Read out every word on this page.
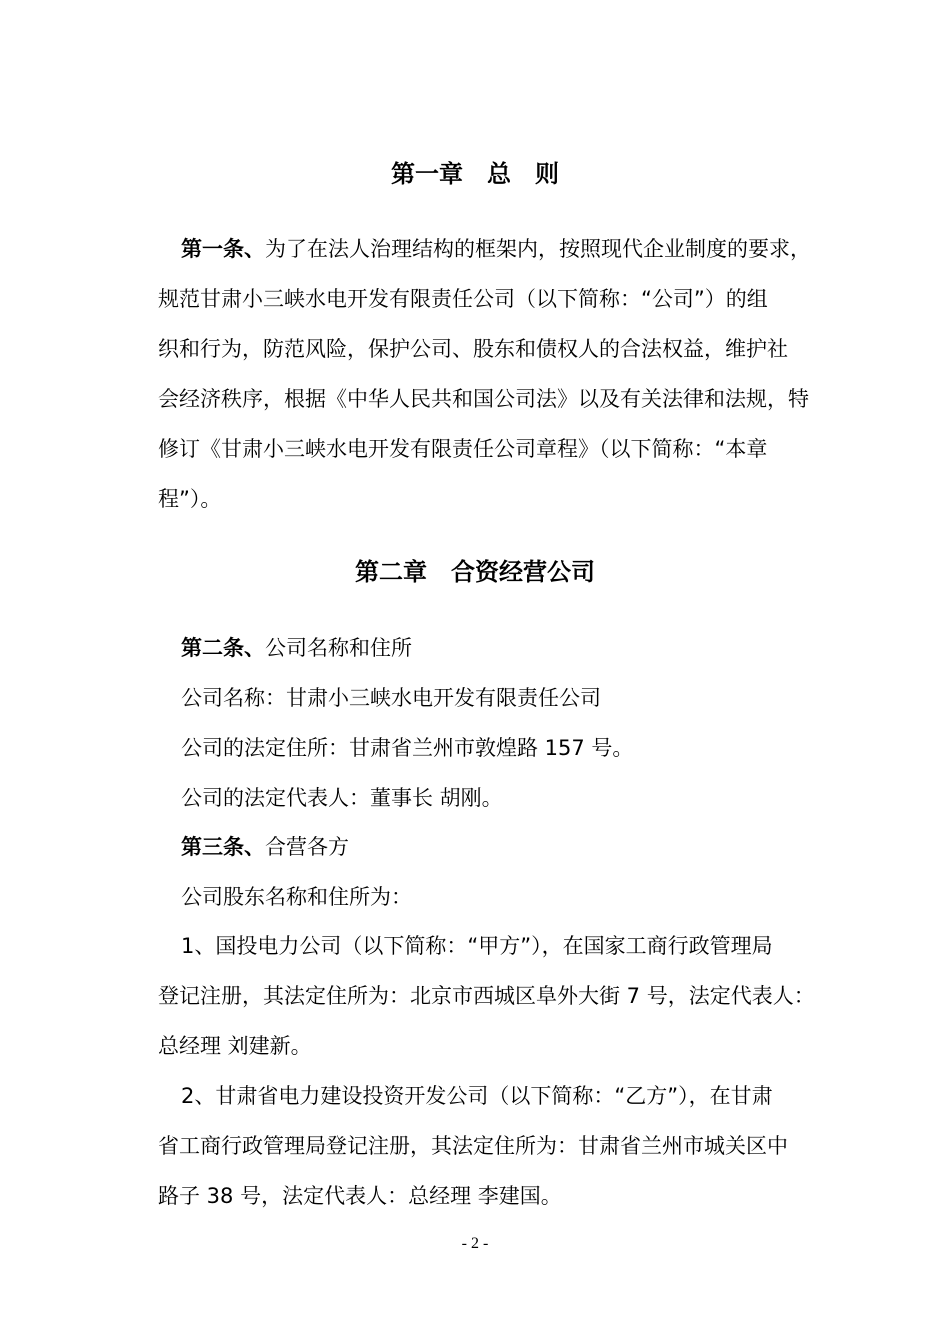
第一章　总　则
第一条、为了在法人治理结构的框架内，按照现代企业制度的要求，
规范甘肃小三峡水电开发有限责任公司（以下简称：“公司”）的组
织和行为，防范风险，保护公司、股东和债权人的合法权益，维护社
会经济秩序，根据《中华人民共和国公司法》以及有关法律和法规，特
修订《甘肃小三峡水电开发有限责任公司章程》（以下简称：“本章
程”）。
第二章　合资经营公司
第二条、公司名称和住所
公司名称：甘肃小三峡水电开发有限责任公司
公司的法定住所：甘肃省兰州市敦煌路 157 号。
公司的法定代表人：董事长 胡刚。
第三条、合营各方
公司股东名称和住所为：
1、国投电力公司（以下简称：“甲方”），在国家工商行政管理局
登记注册，其法定住所为：北京市西城区阜外大街 7 号，法定代表人：
总经理 刘建新。
2、甘肃省电力建设投资开发公司（以下简称：“乙方”），在甘肃
省工商行政管理局登记注册，其法定住所为：甘肃省兰州市城关区中
路子 38 号，法定代表人：总经理 李建国。
- 2 -
